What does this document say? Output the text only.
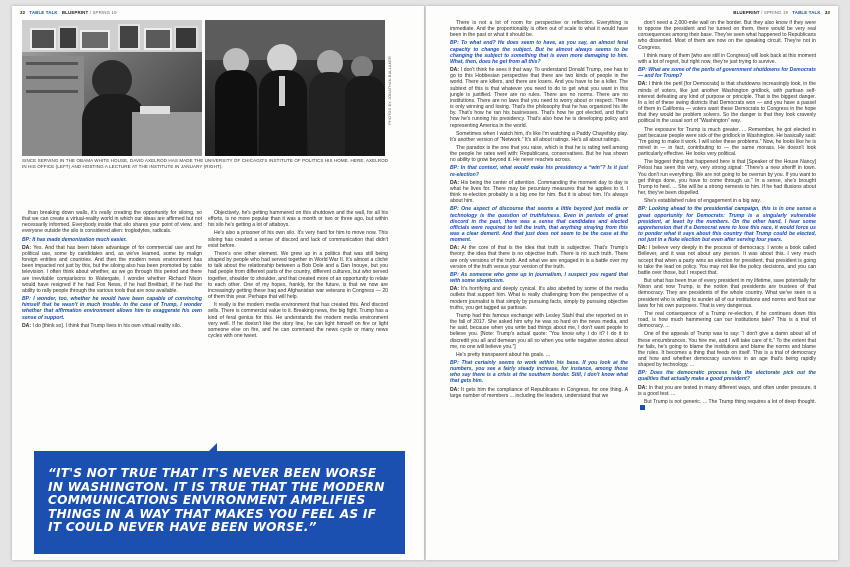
32 TABLE TALK BLUEPRINT / SPRING 19
PHOTOS BY JONATHAN BALLAKER
SINCE SERVING IN THE OBAMA WHITE HOUSE, DAVID AXELROD HAS MADE THE UNIVERSITY OF CHICAGO'S INSTITUTE OF POLITICS HIS HOME. HERE, AXELROD IN HIS OFFICE (LEFT) AND HOSTING A LECTURE AT THE INSTITUTE IN JANUARY (RIGHT).

than breaking down walls, it's really creating the opportunity for siloing, so that we can create a virtual-reality world in which our ideas are affirmed but not necessarily informed. Everybody inside that silo shares your point of view, and everyone outside the silo is considered alien: troglodytes, radicals.

BP: It has made demonization much easier.

DA: Yes. And that has been taken advantage of for commercial use and for political use, some by candidates and, as we've learned, some by malign foreign entities and countries. And then the modern news environment has been impacted not just by this, but the siloing also has been promoted by cable television. I often think about whether, as we go through this period and there are inevitable comparisons to Watergate, I wonder whether Richard Nixon would have resigned if he had Fox News, if he had Breitbart, if he had the ability to rally people through the various tools that are now available.

BP: I wonder, too, whether he would have been capable of convincing himself that he wasn't in much trouble. In the case of Trump, I wonder whether that affirmation environment allows him to exaggerate his own sense of support.

DA: I do [think so]. I think that Trump lives in his own virtual reality silo.

Objectively, he's getting hammered on this shutdown and the wall, for all his efforts, is no more popular than it was a month or two or three ago, but within his silo he's getting a lot of attaboys.

He's also a prisoner of his own silo. It's very hard for him to move now. This siloing has created a sense of discord and lack of communication that didn't exist before.

There's one other element. We grew up in a politics that was still being shaped by people who had served together in World War II. It's almost a cliché to talk about the relationship between a Bob Dole and a Dan Inouye, but you had people from different parts of the country, different cultures, but who served together, shoulder to shoulder, and that created more of an opportunity to relate to each other. One of my hopes, frankly, for the future, is that we now are increasingly getting these Iraq and Afghanistan war veterans in Congress — 20 of them this year. Perhaps that will help.

It really is the modern media environment that has created this. And discord sells. There is commercial value to it. Breaking news, the big fight. Trump has a kind of feral genius for this. He understands the modern media environment very well. If he doesn't like the story line, he can light himself on fire or light someone else on fire, and he can command the news cycle or many news cycles with one tweet.

“IT'S NOT TRUE THAT IT'S NEVER BEEN WORSE IN WASHINGTON. IT IS TRUE THAT THE MODERN COMMUNICATIONS ENVIRONMENT AMPLIFIES THINGS IN A WAY THAT MAKES YOU FEEL AS IF IT COULD NEVER HAVE BEEN WORSE.”
BLUEPRINT / SPRING 19 TABLE TALK 33

There is not a lot of room for perspective or reflection. Everything is immediate. And the proportionality is often out of scale to what it would have been in the past or what it should be.

BP: To what end? He does seem to have, as you say, an almost feral capacity to change the subject. But he almost always seems to be changing the subject to something that is even more damaging to him. What, then, does he get from all this?

DA: I don't think he sees it that way. To understand Donald Trump, one has to go to this Hobbesian perspective that there are two kinds of people in the world. There are killers, and there are losers. And you have to be a killer. The subtext of this is that whatever you need to do to get what you want in this jungle is justified. There are no rules. There are no norms. There are no institutions. There are no laws that you need to worry about or respect. There is only winning and losing. That's the philosophy that he has organized his life by. That's how he ran his businesses. That's how he got elected, and that's how he's running his presidency. That's also how he is developing policy and representing America in the world.

Sometimes when I watch him, it's like I'm watching a Paddy Chayefsky play. It's another version of “Network.” It's all about ratings. He's all about ratings.

The paradox is the one that you raise, which is that he is rating well among the people he rates well with: Republicans, conservatives. But he has shown no ability to grow beyond it. He never reaches across.

BP: In that context, what would make his presidency a “win”? Is it just re-election?

DA: His being the center of attention. Commanding the moment day to day is what he lives for. There may be pecuniary measures that he applies to it. I think re-election probably is a big one for him. But it is about him. It's always about him.

BP: One aspect of discourse that seems a little beyond just media or technology is the question of truthfulness. Even in periods of great discord in the past, there was a sense that candidates and elected officials were required to tell the truth, that anything straying from this was a clear demerit. And that just does not seem to be the case at the moment.

DA: At the core of that is the idea that truth is subjective. That's Trump's theory: the idea that there is no objective truth. There is no such truth. There are only versions of the truth. And what we are engaged in is a battle over my version of the truth versus your version of the truth.

BP: As someone who grew up in journalism, I suspect you regard that with some skepticism.

DA: It's horrifying and deeply cynical. It's also abetted by some of the media outlets that support him. What is really challenging from the perspective of a modern journalist is that simply by pursuing facts, simply by pursuing objective truths, you get tagged as partisan.

Trump had this famous exchange with Lesley Stahl that she reported on in the fall of 2017. She asked him why he was so hard on the news media, and he said, because when you write bad things about me, I don't want people to believe you. [Note: Trump's actual quote: “You know why I do it? I do it to discredit you all and demean you all so when you write negative stories about me, no one will believe you.”]

He's pretty transparent about his goals. ...

BP: That certainly seems to work within his base. If you look at the numbers, you see a fairly steady increase, for instance, among those who say there is a crisis at the southern border. Still, I don't know what that gets him.

DA: It gets him the compliance of Republicans in Congress, for one thing. A large number of members ... including the leaders, understand that we

don't need a 2,000-mile wall on the border. But they also know if they were to oppose the president and he turned on them, there would be very real consequences among their base. They've seen what happened to Republicans who dissented. Most of them are now on the speaking circuit. They're not in Congress.

I think many of them [who are still in Congress] will look back at this moment with a lot of regret, but right now, they're just trying to survive.

BP: What are some of the perils of government shutdowns for Democrats — and for Trump?

DA: I think the peril [for Democrats] is that shutdowns increasingly look, in the minds of voters, like just another Washington gridlock, with partisan self-interest defeating any kind of purpose or principle. That is the biggest danger. In a lot of these swing districts that Democrats won — and you have a passel of them in California — voters want these Democrats to Congress in the hope that they would be problem solvers. So the danger is that they look cravenly political in the usual sort of “Washington” way.

The exposure for Trump is much greater. ... Remember, he got elected in part because people were sick of the gridlock in Washington. He basically said: “I'm going to make it work. I will solve these problems.” Now, he looks like he is mired in — in fact, contributing to — the same morass. He doesn't look particularly effective. He looks very political.

The biggest thing that happened here is that [Speaker of the House Nancy] Pelosi has seen this very, very strong signal: “There's a new sheriff in town. You don't run everything. We are not going to be overrun by you. If you want to get things done, you have to come through us.” In a sense, she's brought Trump to heel. ... She will be a strong nemesis to him. If he had illusions about her, they've been dispelled.

She's established rules of engagement in a big way.

BP: Looking ahead to the presidential campaign, this is in one sense a great opportunity for Democrats: Trump is a singularly vulnerable president, at least by the numbers. On the other hand, I hear some apprehension that if a Democrat were to lose this race, it would force us to ponder what it says about this country that Trump could be elected, not just in a fluke election but even after serving four years.

DA: I believe very deeply in the process of democracy. I wrote a book called Believer, and it was not about any person. It was about this. I very much accept that when a party wins an election for president, that president is going to take the lead on policy. You may not like the policy decisions, and you can battle over those, but I respect that.

But what has been true of every president in my lifetime, save potentially for Nixon and now Trump, is the notion that presidents are trustees of that democracy. They are presidents of the whole country. What we've seen is a president who is willing to sunder all of our institutions and norms and flout our laws for his own purposes. That is very dangerous.

The real consequence of a Trump re-election, if he continues down this road, is how much hammering can our institutions take? This is a trial of democracy. ...

One of the appeals of Trump was to say: “I don't give a damn about all of these encumbrances. You hire me, and I will take care of it.” To the extent that he fails, he's going to blame the institutions and blame the norms and blame the rules. It becomes a thing that feeds on itself. This is a trial of democracy and how and whether democracy survives in an age that's being rapidly shaped by technology. ...

BP: Does the democratic process help the electorate pick out the qualities that actually make a good president?

DA: In that you are tested in many different ways, and often under pressure, it is a good test. ...

But Trump is not generic. ... The Trump thing requires a lot of deep thought.
